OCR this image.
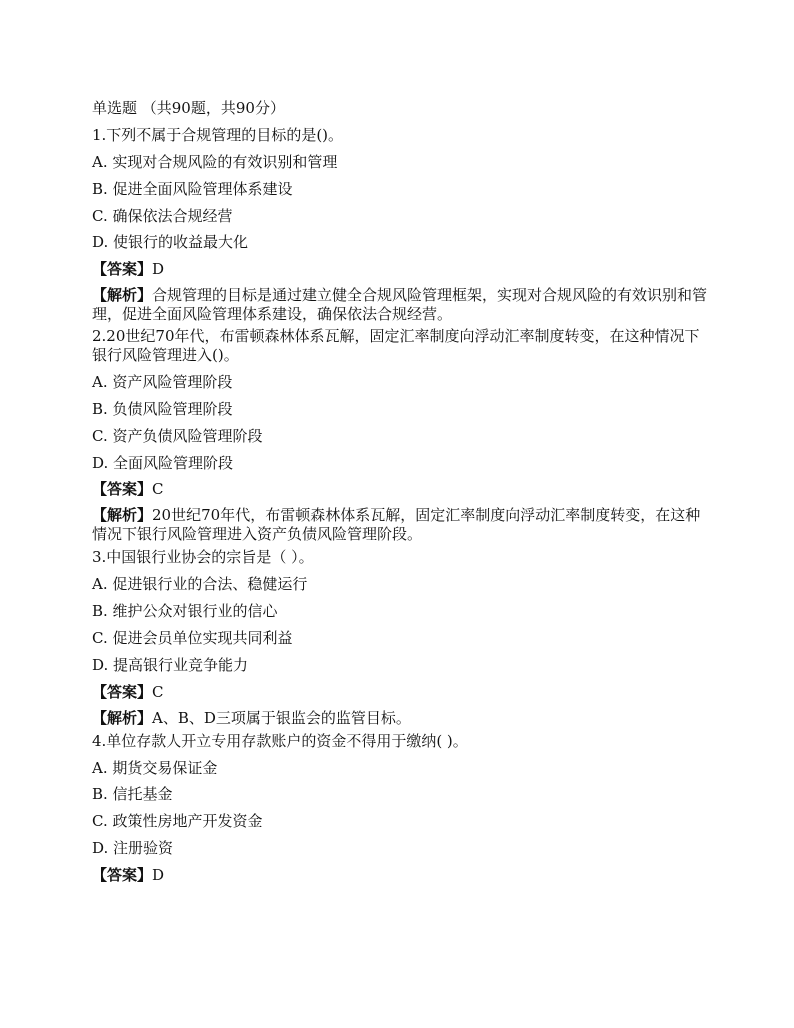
单选题 （共90题，共90分）

1.下列不属于合规管理的目标的是()。

A. 实现对合规风险的有效识别和管理

B. 促进全面风险管理体系建设

C. 确保依法合规经营

D. 使银行的收益最大化

【答案】D

【解析】合规管理的目标是通过建立健全合规风险管理框架，实现对合规风险的有效识别和管理，促进全面风险管理体系建设，确保依法合规经营。

2.20世纪70年代，布雷顿森林体系瓦解，固定汇率制度向浮动汇率制度转变，在这种情况下银行风险管理进入()。

A. 资产风险管理阶段

B. 负债风险管理阶段

C. 资产负债风险管理阶段

D. 全面风险管理阶段

【答案】C

【解析】20世纪70年代，布雷顿森林体系瓦解，固定汇率制度向浮动汇率制度转变，在这种情况下银行风险管理进入资产负债风险管理阶段。

3.中国银行业协会的宗旨是（ ）。

A. 促进银行业的合法、稳健运行

B. 维护公众对银行业的信心

C. 促进会员单位实现共同利益

D. 提高银行业竞争能力

【答案】C

【解析】A、B、D三项属于银监会的监管目标。

4.单位存款人开立专用存款账户的资金不得用于缴纳( )。

A. 期货交易保证金

B. 信托基金

C. 政策性房地产开发资金

D. 注册验资

【答案】D
